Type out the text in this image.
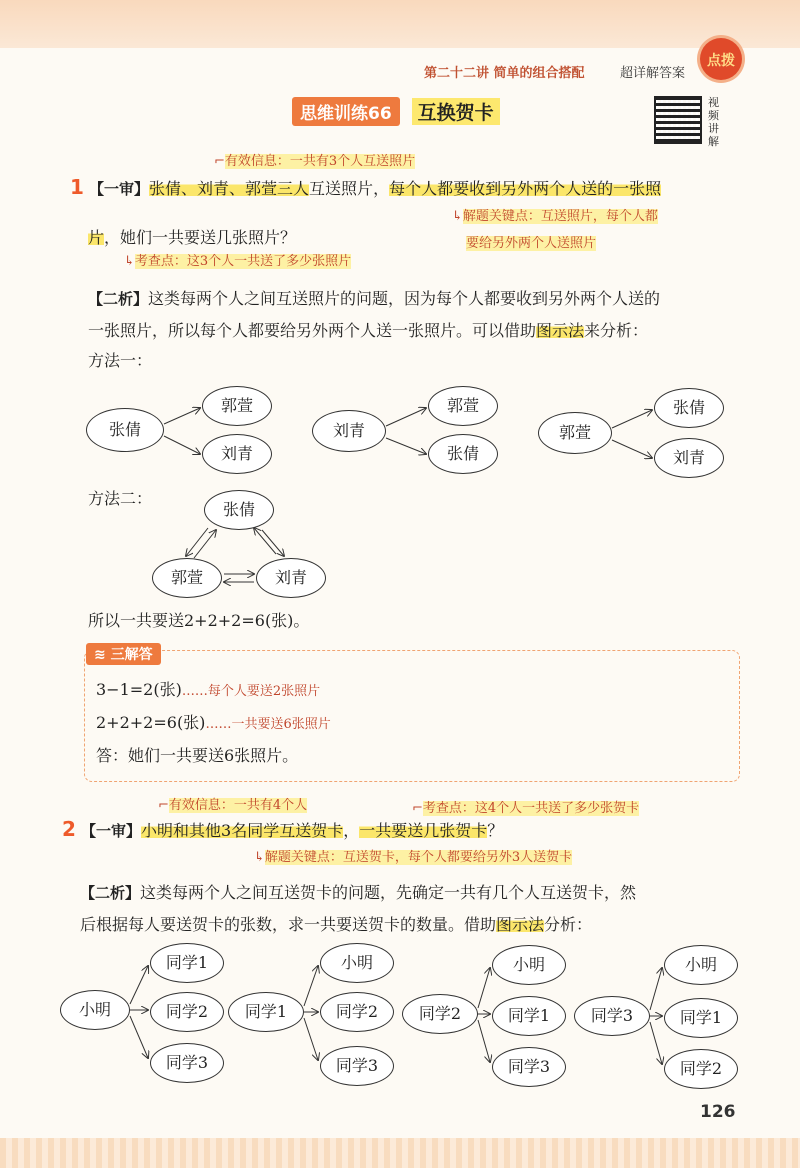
第二十二讲 简单的组合搭配	超详解答案
点拨
思维训练66	互换贺卡	视频讲解
⌐有效信息：一共有3个人互送照片
1 【一审】张倩、刘青、郭萱三人互送照片，每个人都要收到另外两个人送的一张照
↳解题关键点：互送照片，每个人都
要给另外两个人送照片
片，她们一共要送几张照片？
↳考查点：这3个人一共送了多少张照片
【二析】这类每两个人之间互送照片的问题，因为每个人都要收到另外两个人送的
一张照片，所以每个人都要给另外两个人送一张照片。可以借助图示法来分析：
方法一：
张倩
郭萱
刘青
刘青
郭萱
张倩
郭萱
张倩
刘青
方法二：
张倩
郭萱	刘青
所以一共要送2+2+2=6(张)。
≋ 三解答
3−1=2(张)……每个人要送2张照片
2+2+2=6(张)……一共要送6张照片
答：她们一共要送6张照片。
⌐有效信息：一共有4个人	⌐考查点：这4个人一共送了多少张贺卡
2 【一审】小明和其他3名同学互送贺卡，一共要送几张贺卡？
↳解题关键点：互送贺卡，每个人都要给另外3人送贺卡
【二析】这类每两个人之间互送贺卡的问题，先确定一共有几个人互送贺卡，然
后根据每人要送贺卡的张数，求一共要送贺卡的数量。借助图示法分析：
小明
同学1
同学2
同学3
同学1
小明
同学2
同学3
同学2
小明
同学1
同学3
同学3
小明
同学1
同学2
126
